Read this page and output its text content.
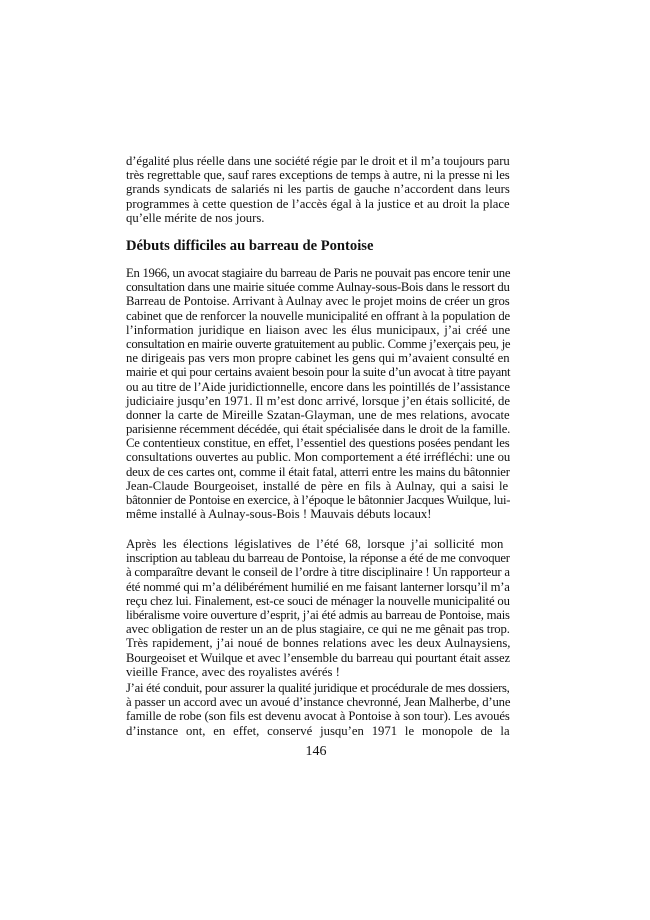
d’égalité plus réelle dans une société régie par le droit et il m’a toujours paru
très regrettable que, sauf rares exceptions de temps à autre, ni la presse ni les
grands syndicats de salariés ni les partis de gauche n’accordent dans leurs
programmes à cette question de l’accès égal à la justice et au droit la place
qu’elle mérite de nos jours.
Débuts difficiles au barreau de Pontoise
En 1966, un avocat stagiaire du barreau de Paris ne pouvait pas encore tenir une
consultation dans une mairie située comme Aulnay-sous-Bois dans le ressort du
Barreau de Pontoise. Arrivant à Aulnay avec le projet moins de créer un gros
cabinet que de renforcer la nouvelle municipalité en offrant à la population de
l’information juridique en liaison avec les élus municipaux, j’ai créé une
consultation en mairie ouverte gratuitement au public. Comme j’exerçais peu, je
ne dirigeais pas vers mon propre cabinet les gens qui m’avaient consulté en
mairie et qui pour certains avaient besoin pour la suite d’un avocat à titre payant
ou au titre de l’Aide juridictionnelle, encore dans les pointillés de l’assistance
judiciaire jusqu’en 1971. Il m’est donc arrivé, lorsque j’en étais sollicité, de
donner la carte de Mireille Szatan-Glayman, une de mes relations, avocate
parisienne récemment décédée, qui était spécialisée dans le droit de la famille.
Ce contentieux constitue, en effet, l’essentiel des questions posées pendant les
consultations ouvertes au public. Mon comportement a été irréfléchi: une ou
deux de ces cartes ont, comme il était fatal, atterri entre les mains du bâtonnier
Jean-Claude Bourgeoiset, installé de père en fils à Aulnay, qui a saisi le
bâtonnier de Pontoise en exercice, à l’époque le bâtonnier Jacques Wuilque, lui-
même installé à Aulnay-sous-Bois ! Mauvais débuts locaux!
Après les élections législatives de l’été 68, lorsque j’ai sollicité mon
inscription au tableau du barreau de Pontoise, la réponse a été de me convoquer
à comparaître devant le conseil de l’ordre à titre disciplinaire ! Un rapporteur a
été nommé qui m’a délibérément humilié en me faisant lanterner lorsqu’il m’a
reçu chez lui. Finalement, est-ce souci de ménager la nouvelle municipalité ou
libéralisme voire ouverture d’esprit, j’ai été admis au barreau de Pontoise, mais
avec obligation de rester un an de plus stagiaire, ce qui ne me gênait pas trop.
Très rapidement, j’ai noué de bonnes relations avec les deux Aulnaysiens,
Bourgeoiset et Wuilque et avec l’ensemble du barreau qui pourtant était assez
vieille France, avec des royalistes avérés !
J’ai été conduit, pour assurer la qualité juridique et procédurale de mes dossiers,
à passer un accord avec un avoué d’instance chevronné, Jean Malherbe, d’une
famille de robe (son fils est devenu avocat à Pontoise à son tour). Les avoués
d’instance ont, en effet, conservé jusqu’en 1971 le monopole de la
146
